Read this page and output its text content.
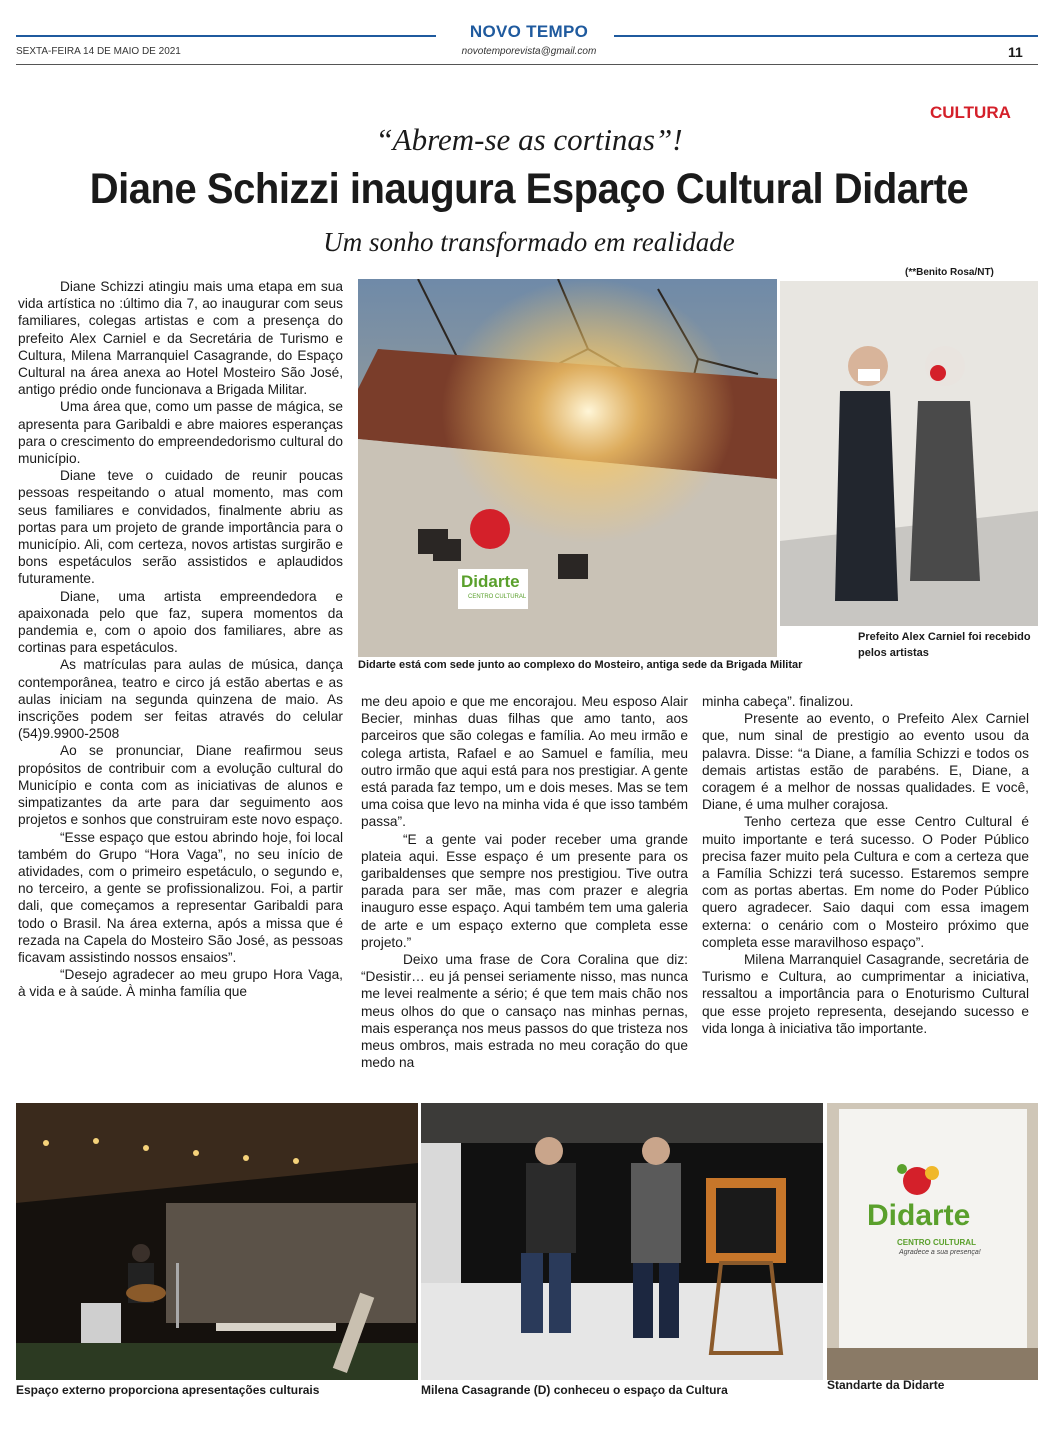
NOVO TEMPO
SEXTA-FEIRA 14 DE MAIO DE 2021	novotemporevista@gmail.com	11
CULTURA
“Abrem-se as cortinas”!
Diane Schizzi inaugura Espaço Cultural Didarte
Um sonho transformado em realidade
(**Benito Rosa/NT)

Diane Schizzi atingiu mais uma etapa em sua vida artística no :último dia 7, ao inaugurar com seus familiares, colegas artistas e com a presença do prefeito Alex Carniel e da Secretária de Turismo e Cultura, Milena Marranquiel Casagrande, do Espaço Cultural na área anexa ao Hotel Mosteiro São José, antigo prédio onde funcionava a Brigada Militar.

Uma área que, como um passe de mágica, se apresenta para Garibaldi e abre maiores esperanças para o crescimento do empreendedorismo cultural do município.

Diane teve o cuidado de reunir poucas pessoas respeitando o atual momento, mas com seus familiares e convidados, finalmente abriu as portas para um projeto de grande importância para o município. Ali, com certeza, novos artistas surgirão e bons espetáculos serão assistidos e aplaudidos futuramente.

Diane, uma artista empreendedora e apaixonada pelo que faz, supera momentos da pandemia e, com o apoio dos familiares, abre as cortinas para espetáculos.

As matrículas para aulas de música, dança contemporânea, teatro e circo já estão abertas e as aulas iniciam na segunda quinzena de maio. As inscrições podem ser feitas através do celular (54)9.9900-2508

Ao se pronunciar, Diane reafirmou seus propósitos de contribuir com a evolução cultural do Município e conta com as iniciativas de alunos e simpatizantes da arte para dar seguimento aos projetos e sonhos que construiram este novo espaço.

“Esse espaço que estou abrindo hoje, foi local também do Grupo “Hora Vaga”, no seu início de atividades, com o primeiro espetáculo, o segundo e, no terceiro, a gente se profissionalizou. Foi, a partir dali, que começamos a representar Garibaldi para todo o Brasil. Na área externa, após a missa que é rezada na Capela do Mosteiro São José, as pessoas ficavam assistindo nossos ensaios”.

“Desejo agradecer ao meu grupo Hora Vaga, à vida e à saúde. À minha família que

me deu apoio e que me encorajou. Meu esposo Alair Becier, minhas duas filhas que amo tanto, aos parceiros que são colegas e família. Ao meu irmão e colega artista, Rafael e ao Samuel e família, meu outro irmão que aqui está para nos prestigiar. A gente está parada faz tempo, um e dois meses. Mas se tem uma coisa que levo na minha vida é que isso também passa”.

“E a gente vai poder receber uma grande plateia aqui. Esse espaço é um presente para os garibaldenses que sempre nos prestigiou. Tive outra parada para ser mãe, mas com prazer e alegria inauguro esse espaço. Aqui também tem uma galeria de arte e um espaço externo que completa esse projeto.”

Deixo uma frase de Cora Coralina que diz: “Desistir… eu já pensei seriamente nisso, mas nunca me levei realmente a sério; é que tem mais chão nos meus olhos do que o cansaço nas minhas pernas, mais esperança nos meus passos do que tristeza nos meus ombros, mais estrada no meu coração do que medo na

minha cabeça”. finalizou.

Presente ao evento, o Prefeito Alex Carniel que, num sinal de prestigio ao evento usou da palavra. Disse: “a Diane, a família Schizzi e todos os demais artistas estão de parabéns. E, Diane, a coragem é a melhor de nossas qualidades. E você, Diane, é uma mulher corajosa.

Tenho certeza que esse Centro Cultural é muito importante e terá sucesso. O Poder Público precisa fazer muito pela Cultura e com a certeza que a Família Schizzi terá sucesso. Estaremos sempre com as portas abertas. Em nome do Poder Público quero agradecer. Saio daqui com essa imagem externa: o cenário com o Mosteiro próximo que completa esse maravilhoso espaço”.

Milena Marranquiel Casagrande, secretária de Turismo e Cultura, ao cumprimentar a iniciativa, ressaltou a importância para o Enoturismo Cultural que esse projeto representa, desejando sucesso e vida longa à iniciativa tão importante.

Didarte
CENTRO CULTURAL
Didarte está com sede junto ao complexo do Mosteiro, antiga sede da Brigada Militar
Prefeito Alex Carniel foi recebido pelos artistas
Espaço externo proporciona apresentações culturais	Milena Casagrande (D) conheceu o espaço da Cultura
Didarte
CENTRO CULTURAL
Agradece a sua presença!
Standarte da Didarte
